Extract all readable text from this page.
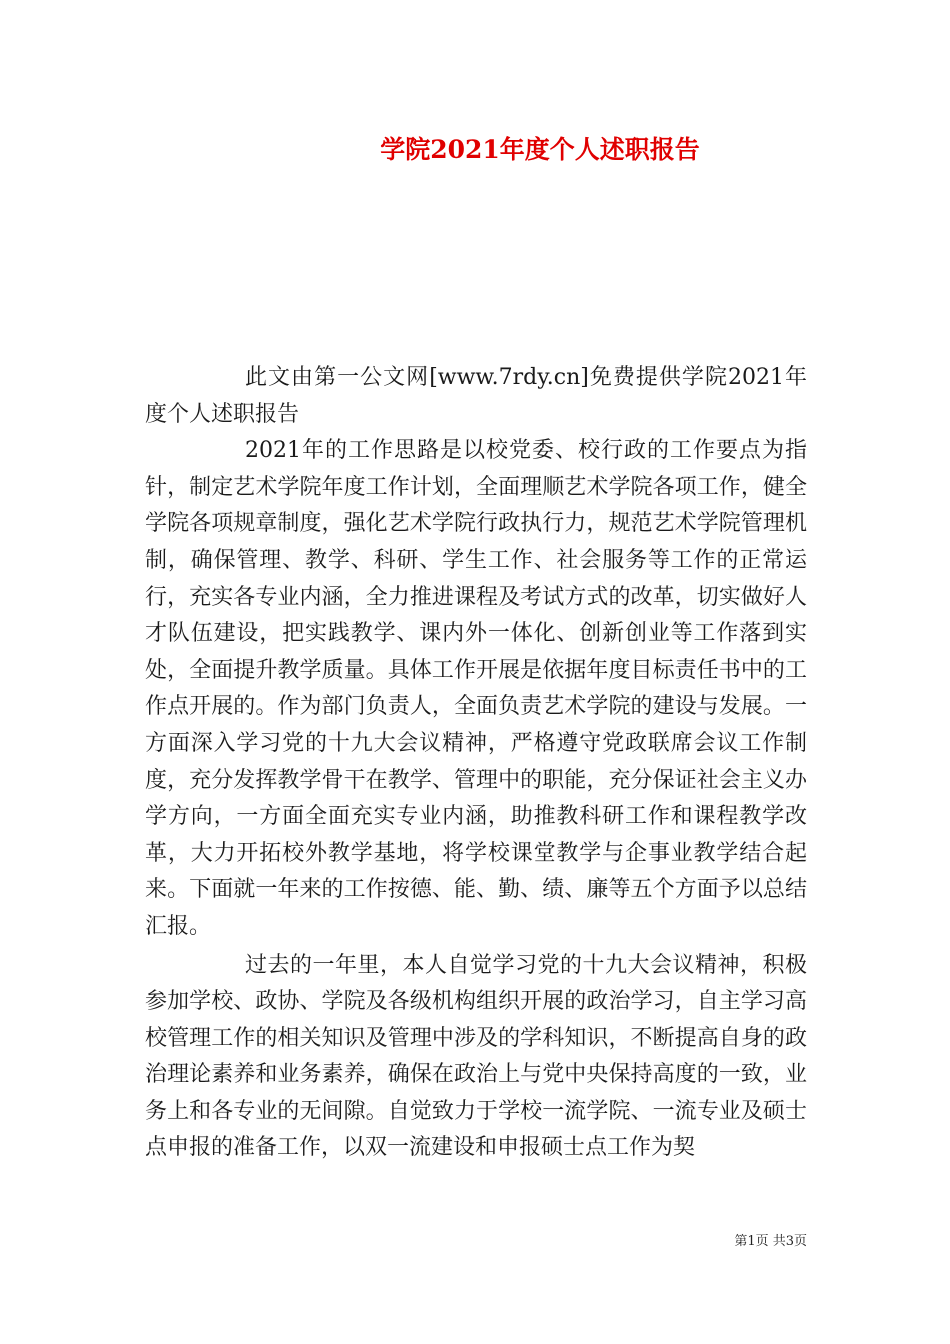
学院2021年度个人述职报告

此文由第一公文网[www.7rdy.cn]免费提供学院2021年度个人述职报告

2021年的工作思路是以校党委、校行政的工作要点为指针，制定艺术学院年度工作计划，全面理顺艺术学院各项工作，健全学院各项规章制度，强化艺术学院行政执行力，规范艺术学院管理机制，确保管理、教学、科研、学生工作、社会服务等工作的正常运行，充实各专业内涵，全力推进课程及考试方式的改革，切实做好人才队伍建设，把实践教学、课内外一体化、创新创业等工作落到实处，全面提升教学质量。具体工作开展是依据年度目标责任书中的工作点开展的。作为部门负责人，全面负责艺术学院的建设与发展。一方面深入学习党的十九大会议精神，严格遵守党政联席会议工作制度，充分发挥教学骨干在教学、管理中的职能，充分保证社会主义办学方向，一方面全面充实专业内涵，助推教科研工作和课程教学改革，大力开拓校外教学基地，将学校课堂教学与企事业教学结合起来。下面就一年来的工作按德、能、勤、绩、廉等五个方面予以总结汇报。

过去的一年里，本人自觉学习党的十九大会议精神，积极参加学校、政协、学院及各级机构组织开展的政治学习，自主学习高校管理工作的相关知识及管理中涉及的学科知识，不断提高自身的政治理论素养和业务素养，确保在政治上与党中央保持高度的一致，业务上和各专业的无间隙。自觉致力于学校一流学院、一流专业及硕士点申报的准备工作，以双一流建设和申报硕士点工作为契

第1页 共3页
